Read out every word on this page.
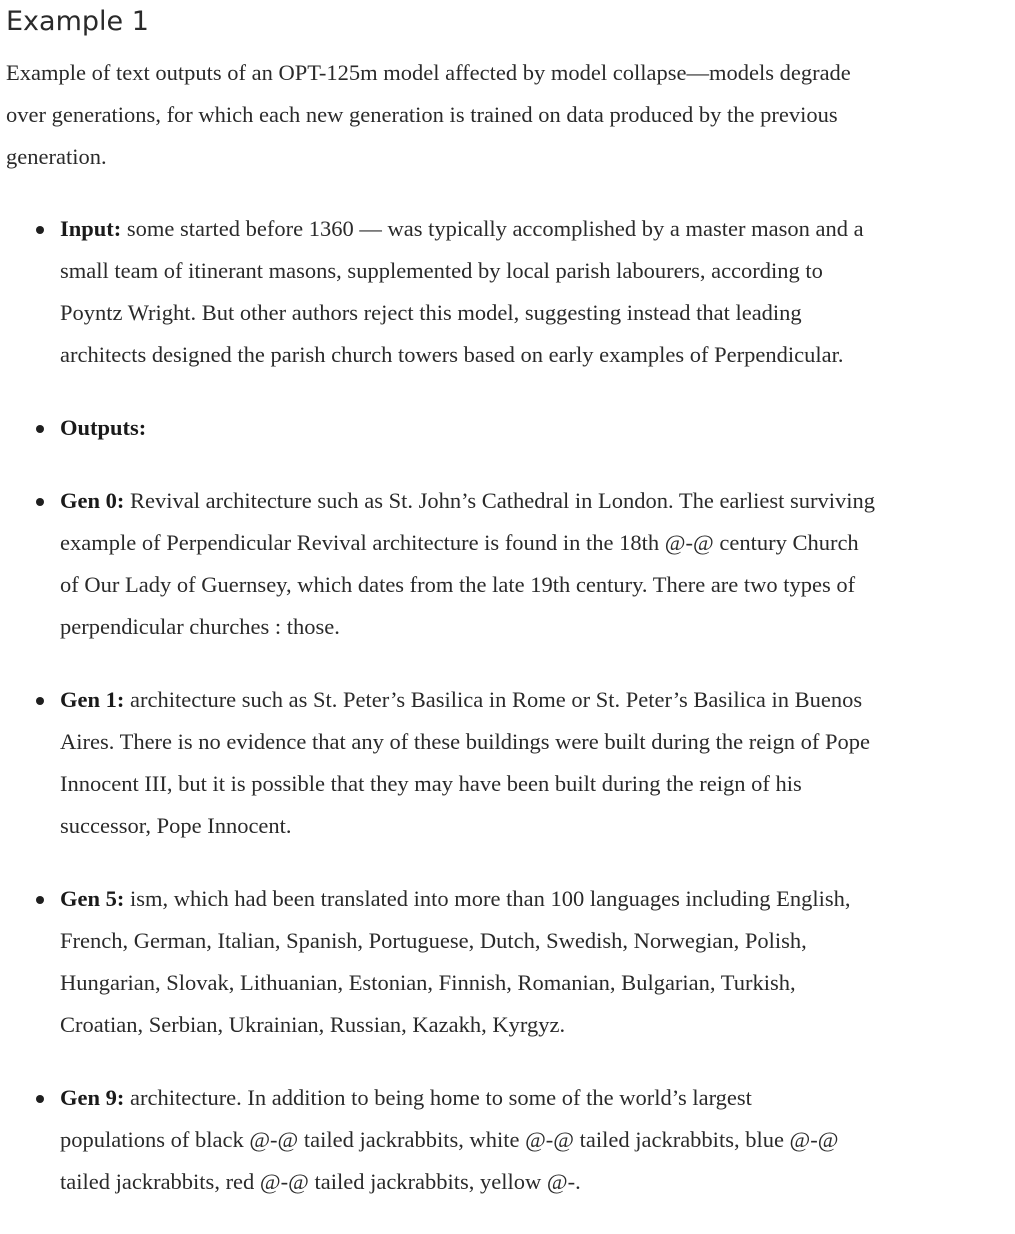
Example 1
Example of text outputs of an OPT-125m model affected by model collapse—models degrade
over generations, for which each new generation is trained on data produced by the previous
generation.
Input: some started before 1360 — was typically accomplished by a master mason and a
small team of itinerant masons, supplemented by local parish labourers, according to
Poyntz Wright. But other authors reject this model, suggesting instead that leading
architects designed the parish church towers based on early examples of Perpendicular.
Outputs:
Gen 0: Revival architecture such as St. John’s Cathedral in London. The earliest surviving
example of Perpendicular Revival architecture is found in the 18th @-@ century Church
of Our Lady of Guernsey, which dates from the late 19th century. There are two types of
perpendicular churches : those.
Gen 1: architecture such as St. Peter’s Basilica in Rome or St. Peter’s Basilica in Buenos
Aires. There is no evidence that any of these buildings were built during the reign of Pope
Innocent III, but it is possible that they may have been built during the reign of his
successor, Pope Innocent.
Gen 5: ism, which had been translated into more than 100 languages including English,
French, German, Italian, Spanish, Portuguese, Dutch, Swedish, Norwegian, Polish,
Hungarian, Slovak, Lithuanian, Estonian, Finnish, Romanian, Bulgarian, Turkish,
Croatian, Serbian, Ukrainian, Russian, Kazakh, Kyrgyz.
Gen 9: architecture. In addition to being home to some of the world’s largest
populations of black @-@ tailed jackrabbits, white @-@ tailed jackrabbits, blue @-@
tailed jackrabbits, red @-@ tailed jackrabbits, yellow @-.
